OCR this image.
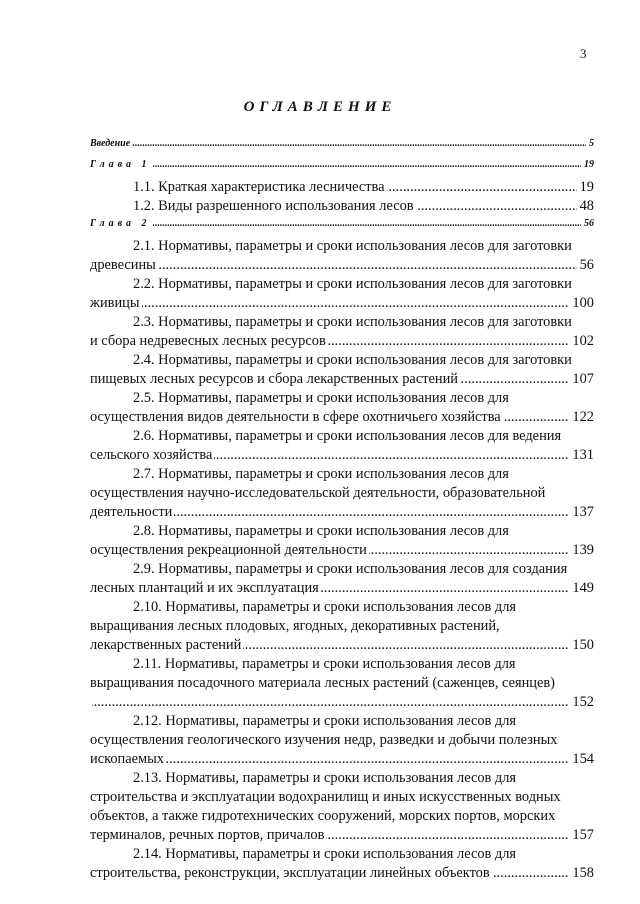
3
ОГЛАВЛЕНИЕ
Введение	5
.....
Глава 1	19
.....
1.1. Краткая характеристика лесничества	19
.....
1.2. Виды разрешенного использования лесов	48
.....
Глава 2	56
.....
2.1. Нормативы, параметры и сроки использования лесов для заготовки
древесины	56
.....
2.2. Нормативы, параметры и сроки использования лесов для заготовки
живицы	100
.....
2.3. Нормативы, параметры и сроки использования лесов для заготовки
и сбора недревесных лесных ресурсов	102
.....
2.4. Нормативы, параметры и сроки использования лесов для заготовки
пищевых лесных ресурсов и сбора лекарственных растений	107
.....
2.5. Нормативы, параметры и сроки использования лесов для
осуществления видов деятельности в сфере охотничьего хозяйства	122
.....
2.6. Нормативы, параметры и сроки использования лесов для ведения
сельского хозяйства	131
.....
2.7. Нормативы, параметры и сроки использования лесов для
осуществления научно-исследовательской деятельности, образовательной
деятельности	137
.....
2.8. Нормативы, параметры и сроки использования лесов для
осуществления рекреационной деятельности	139
.....
2.9. Нормативы, параметры и сроки использования лесов для создания
лесных плантаций и их эксплуатация	149
.....
2.10. Нормативы, параметры и сроки использования лесов для
выращивания лесных плодовых, ягодных, декоративных растений,
лекарственных растений	150
.....
2.11. Нормативы, параметры и сроки использования лесов для
выращивания посадочного материала лесных растений (саженцев, сеянцев)
152
.....
2.12. Нормативы, параметры и сроки использования лесов для
осуществления геологического изучения недр, разведки и добычи полезных
ископаемых	154
.....
2.13. Нормативы, параметры и сроки использования лесов для
строительства и эксплуатации водохранилищ и иных искусственных водных
объектов, а также гидротехнических сооружений, морских портов, морских
терминалов, речных портов, причалов	157
.....
2.14. Нормативы, параметры и сроки использования лесов для
строительства, реконструкции, эксплуатации линейных объектов	158
.....
